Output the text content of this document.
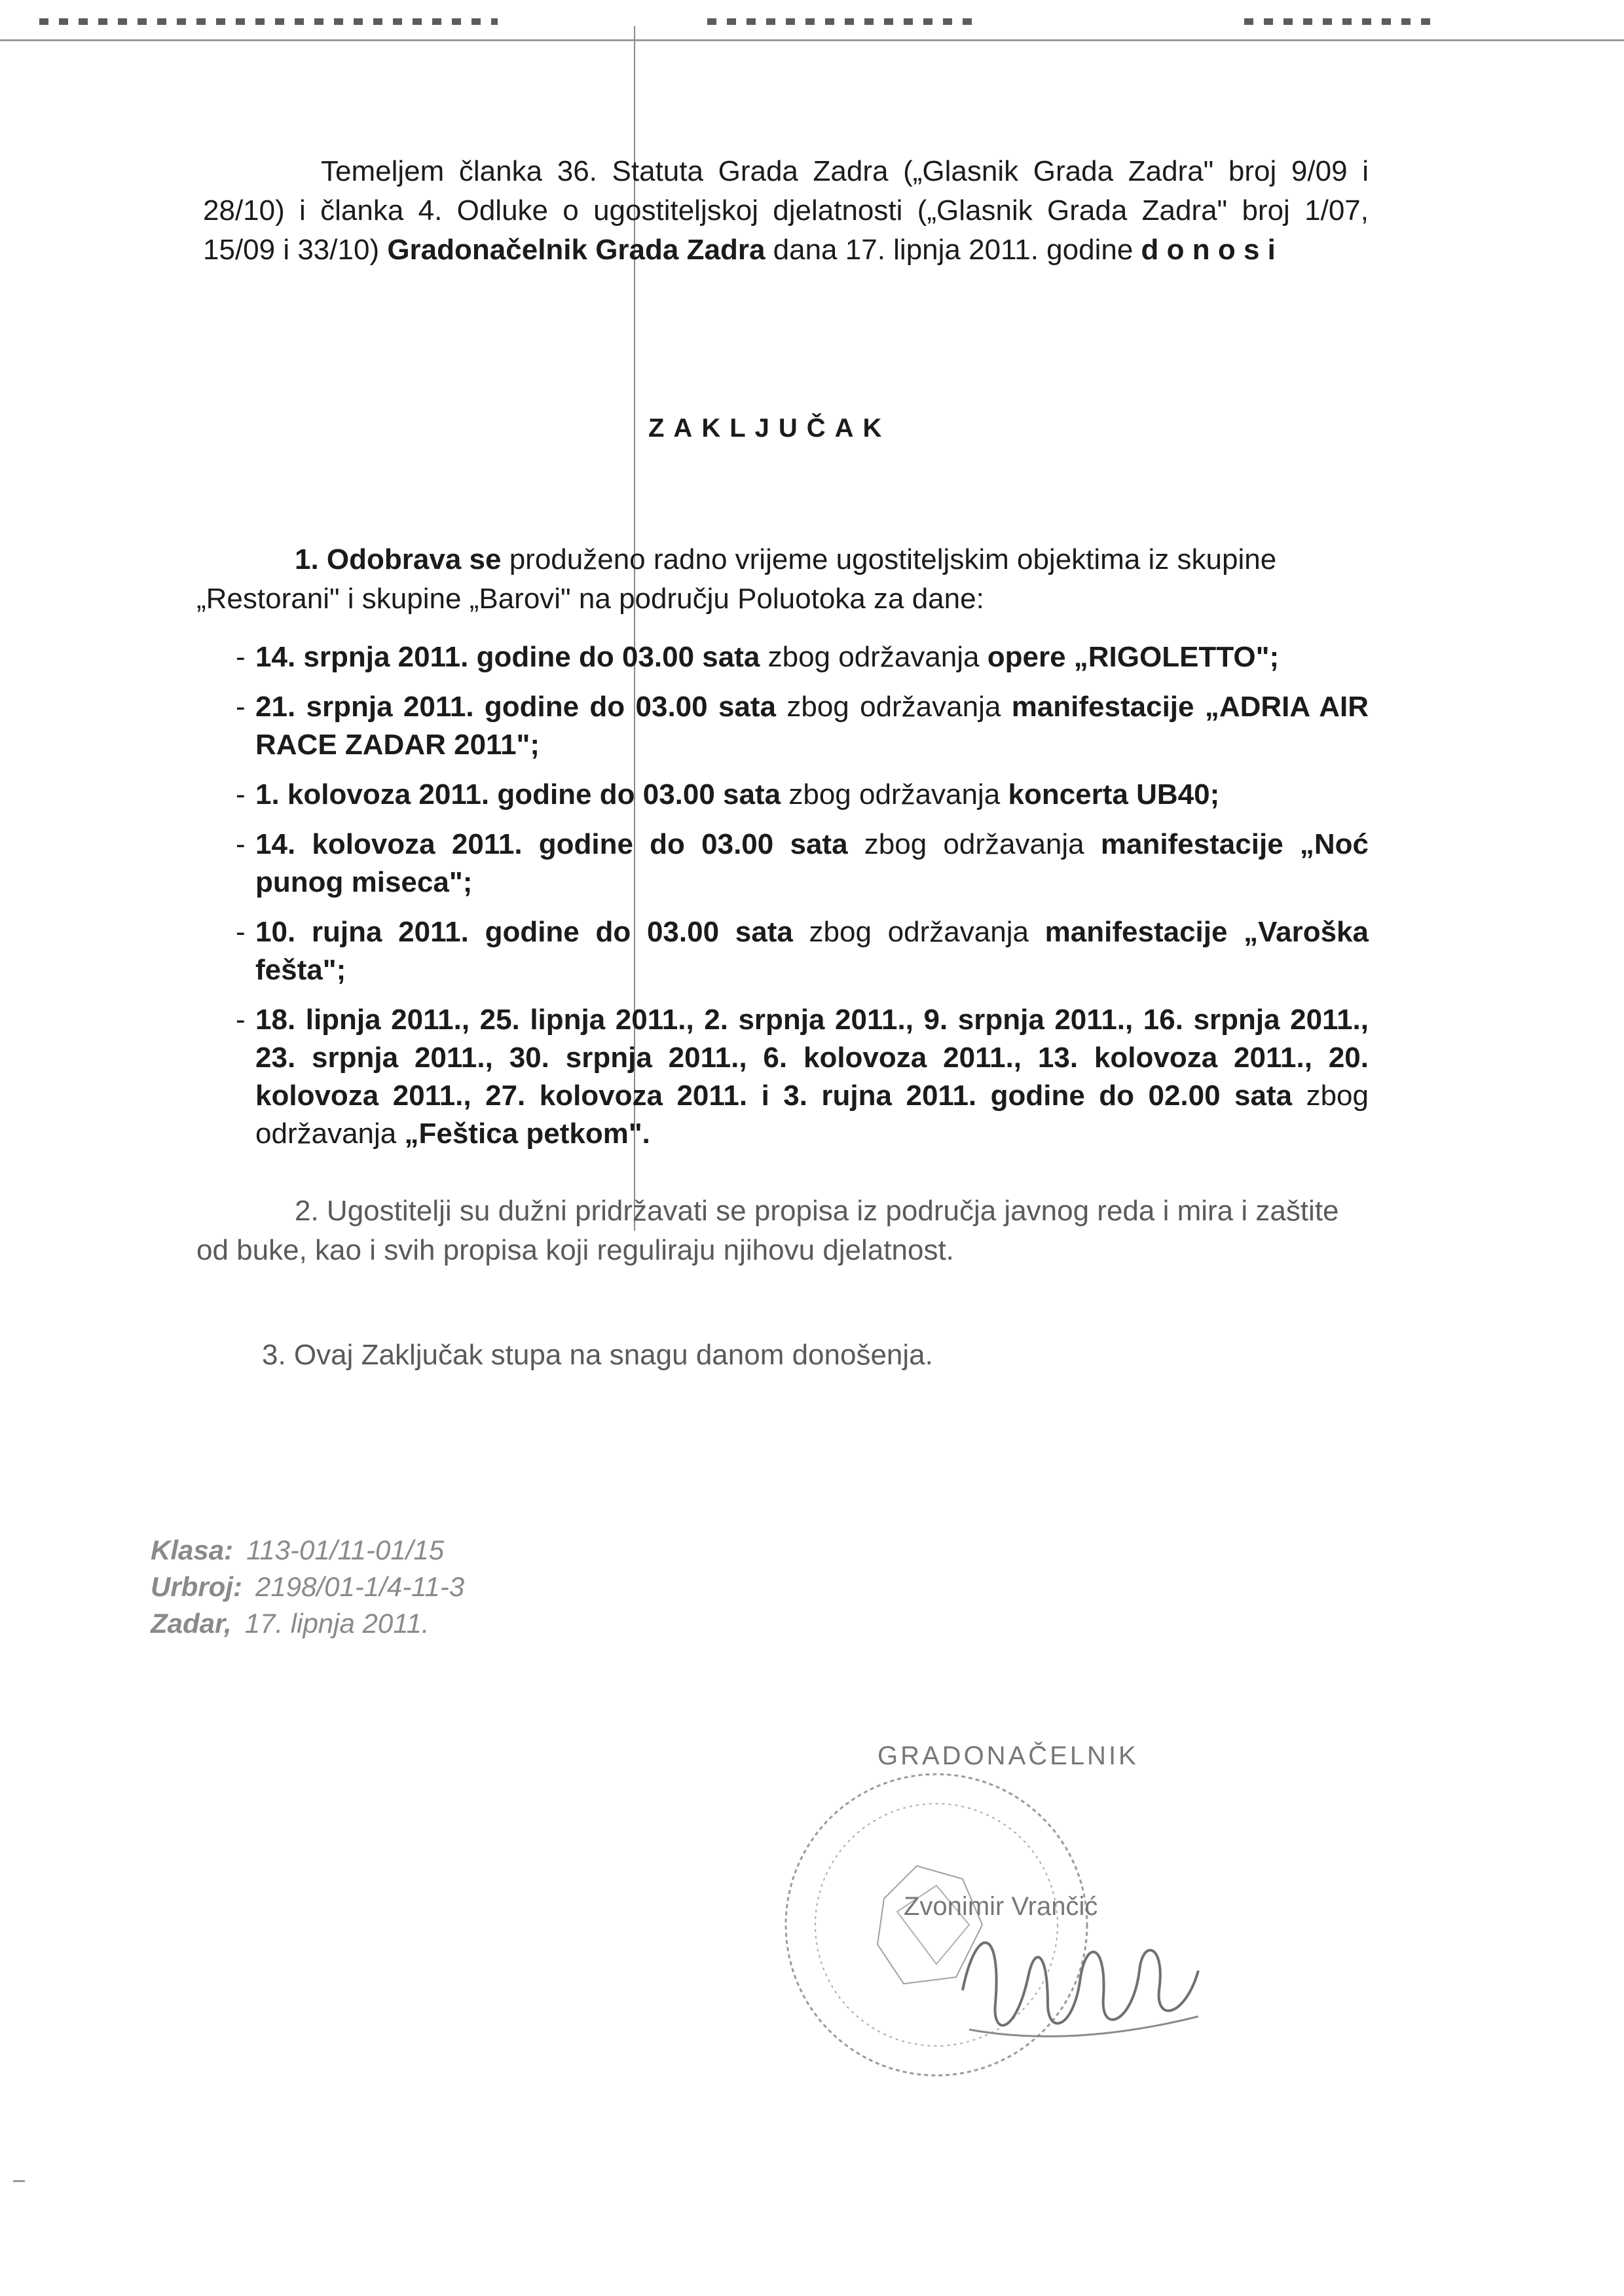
Temeljem članka 36. Statuta Grada Zadra („Glasnik Grada Zadra" broj 9/09 i 28/10) i članka 4. Odluke o ugostiteljskoj djelatnosti („Glasnik Grada Zadra" broj 1/07, 15/09 i 33/10) Gradonačelnik Grada Zadra dana 17. lipnja 2011. godine d o n o s i
ZAKLJUČAK
1. Odobrava se produženo radno vrijeme ugostiteljskim objektima iz skupine „Restorani" i skupine „Barovi" na području Poluotoka za dane:
- 14. srpnja 2011. godine do 03.00 sata zbog održavanja opere „RIGOLETTO";
- 21. srpnja 2011. godine do 03.00 sata zbog održavanja manifestacije „ADRIA AIR RACE ZADAR 2011";
- 1. kolovoza 2011. godine do 03.00 sata zbog održavanja koncerta UB40;
- 14. kolovoza 2011. godine do 03.00 sata zbog održavanja manifestacije „Noć punog miseca";
- 10. rujna 2011. godine do 03.00 sata zbog održavanja manifestacije „Varoška fešta";
- 18. lipnja 2011., 25. lipnja 2011., 2. srpnja 2011., 9. srpnja 2011., 16. srpnja 2011., 23. srpnja 2011., 30. srpnja 2011., 6. kolovoza 2011., 13. kolovoza 2011., 20. kolovoza 2011., 27. kolovoza 2011. i 3. rujna 2011. godine do 02.00 sata zbog održavanja „Feštica petkom".
2. Ugostitelji su dužni pridržavati se propisa iz područja javnog reda i mira i zaštite od buke, kao i svih propisa koji reguliraju njihovu djelatnost.
3. Ovaj Zaključak stupa na snagu danom donošenja.
Klasa: 113-01/11-01/15
Urbroj: 2198/01-1/4-11-3
Zadar, 17. lipnja 2011.
GRADONAČELNIK
Zvonimir Vrančić
